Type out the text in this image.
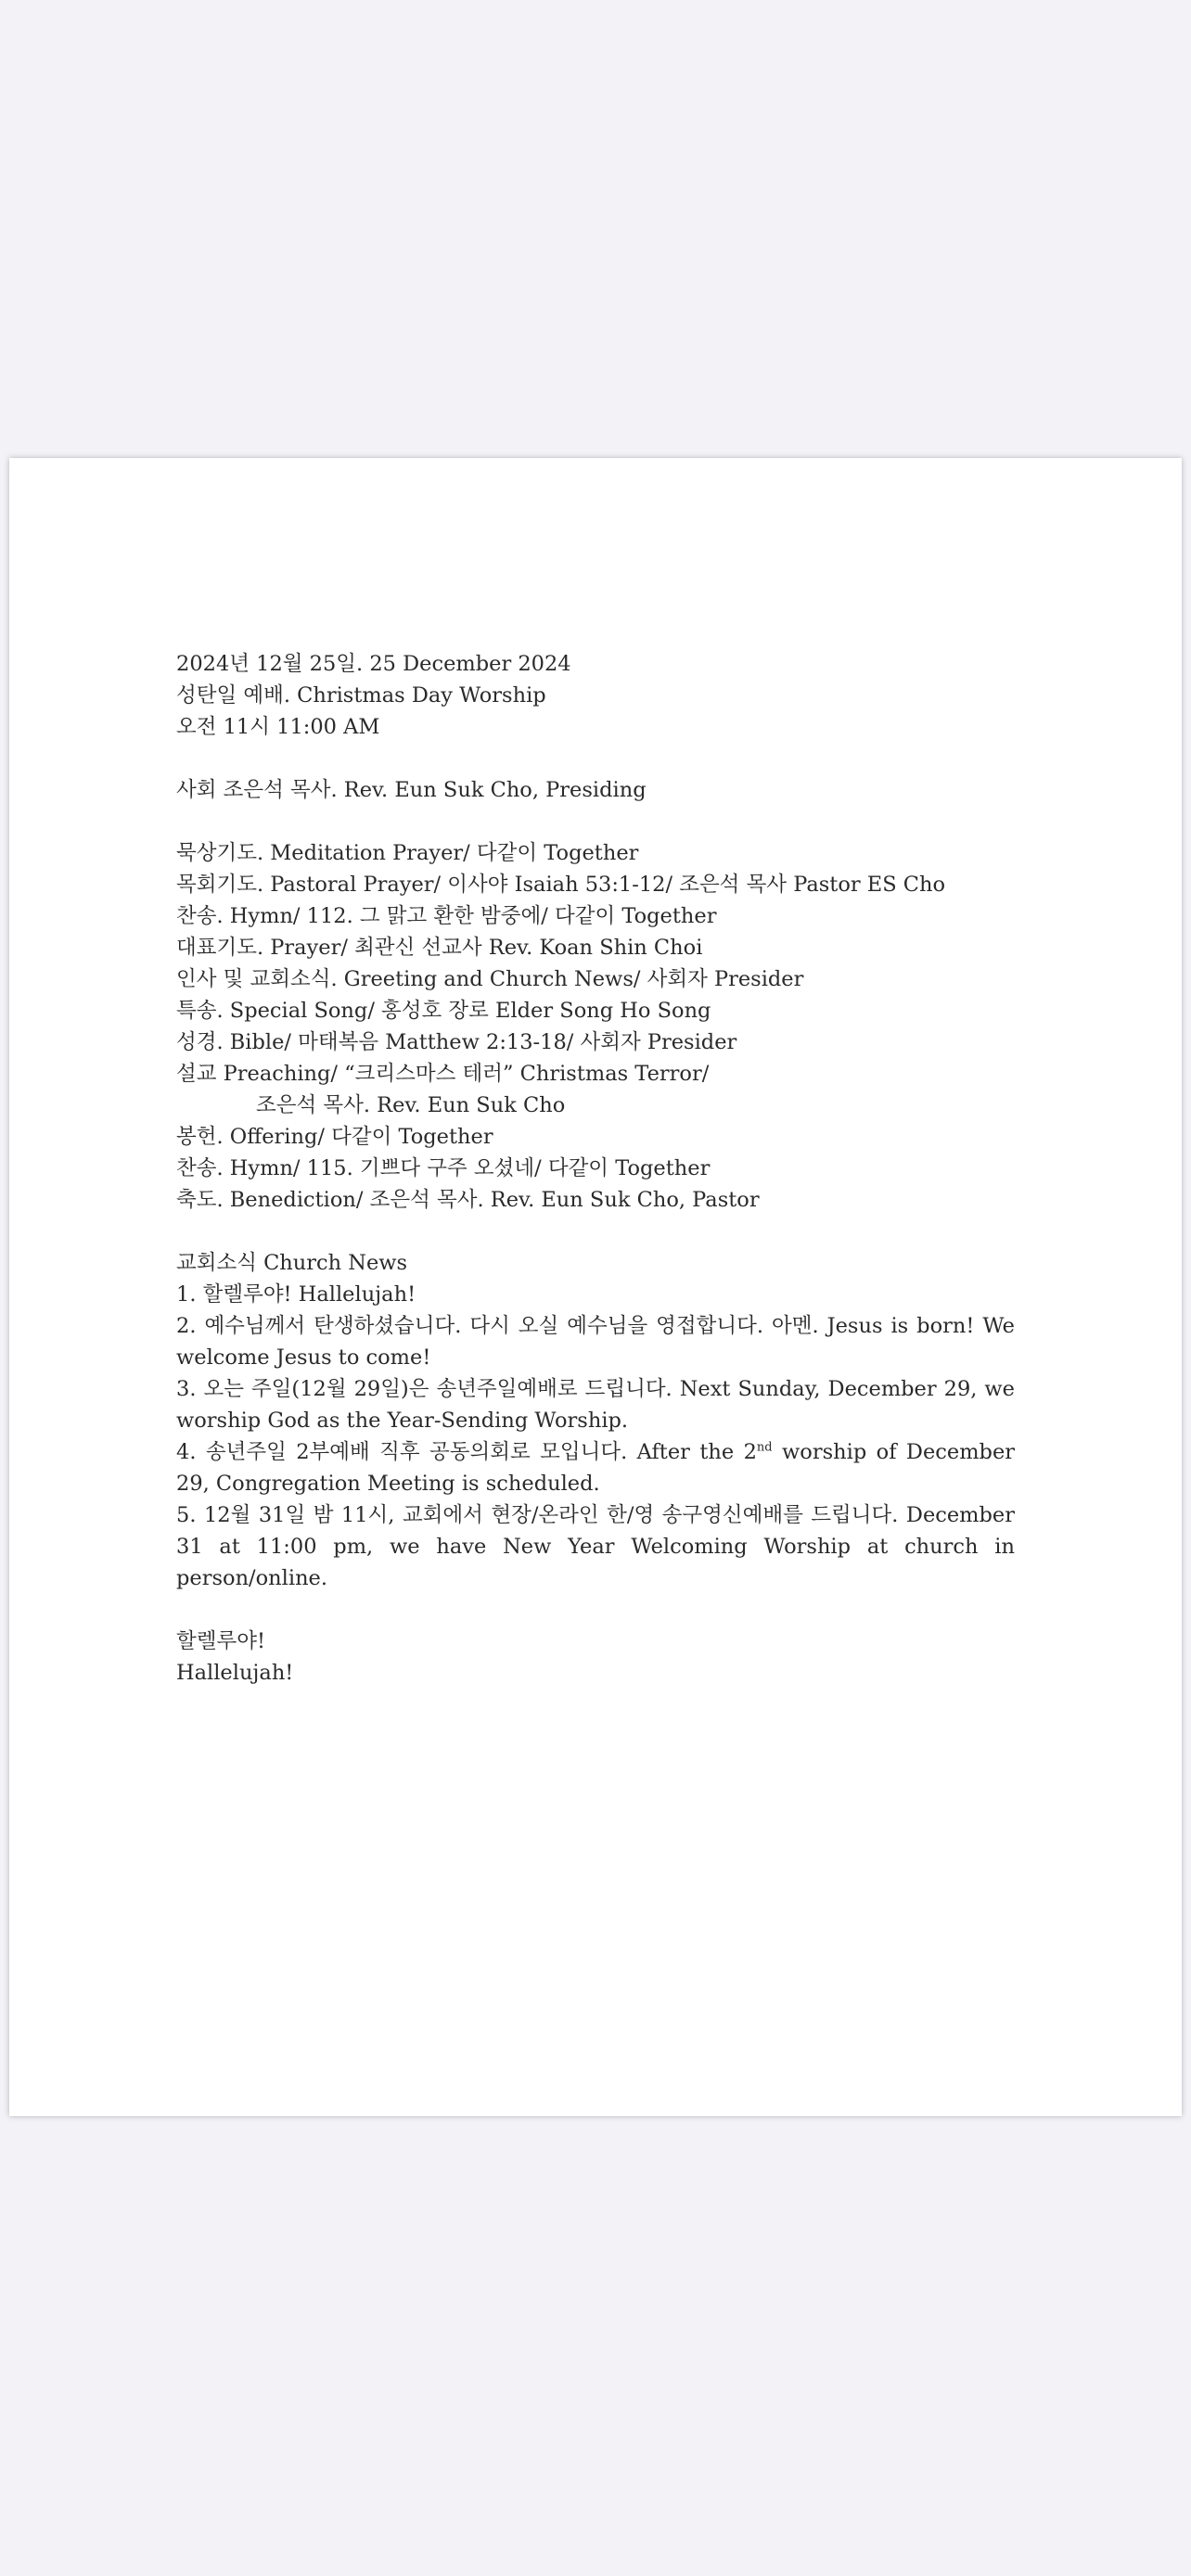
2024년 12월 25일. 25 December 2024
성탄일 예배. Christmas Day Worship
오전 11시 11:00 AM
사회 조은석 목사. Rev. Eun Suk Cho, Presiding
묵상기도. Meditation Prayer/ 다같이 Together
목회기도. Pastoral Prayer/ 이사야 Isaiah 53:1-12/ 조은석 목사 Pastor ES Cho
찬송. Hymn/ 112. 그 맑고 환한 밤중에/ 다같이 Together
대표기도. Prayer/ 최관신 선교사 Rev. Koan Shin Choi
인사 및 교회소식. Greeting and Church News/ 사회자 Presider
특송. Special Song/ 홍성호 장로 Elder Song Ho Song
성경. Bible/ 마태복음 Matthew 2:13-18/ 사회자 Presider
설교 Preaching/ “크리스마스 테러” Christmas Terror/
조은석 목사. Rev. Eun Suk Cho
봉헌. Offering/ 다같이 Together
찬송. Hymn/ 115. 기쁘다 구주 오셨네/ 다같이 Together
축도. Benediction/ 조은석 목사. Rev. Eun Suk Cho, Pastor
교회소식 Church News
1. 할렐루야! Hallelujah!
2. 예수님께서 탄생하셨습니다. 다시 오실 예수님을 영접합니다. 아멘. Jesus is born! We welcome Jesus to come!
3. 오는 주일(12월 29일)은 송년주일예배로 드립니다. Next Sunday, December 29, we worship God as the Year-Sending Worship.
4. 송년주일 2부예배 직후 공동의회로 모입니다. After the 2nd worship of December 29, Congregation Meeting is scheduled.
5. 12월 31일 밤 11시, 교회에서 현장/온라인 한/영 송구영신예배를 드립니다. December 31 at 11:00 pm, we have New Year Welcoming Worship at church in person/online.
할렐루야!
Hallelujah!
